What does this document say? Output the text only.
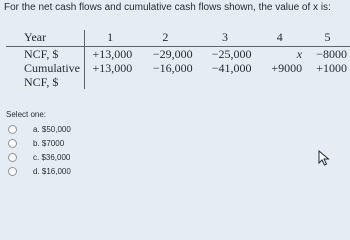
For the net cash flows and cumulative cash flows shown, the value of x is:
Year	1	2	3	4	5
NCF, $	+13,000	−29,000	−25,000	x	−8000
Cumulative	+13,000	−16,000	−41,000	+9000	+1000
NCF, $					
Select one:
a. $50,000
b. $7000
c. $36,000
d. $16,000
